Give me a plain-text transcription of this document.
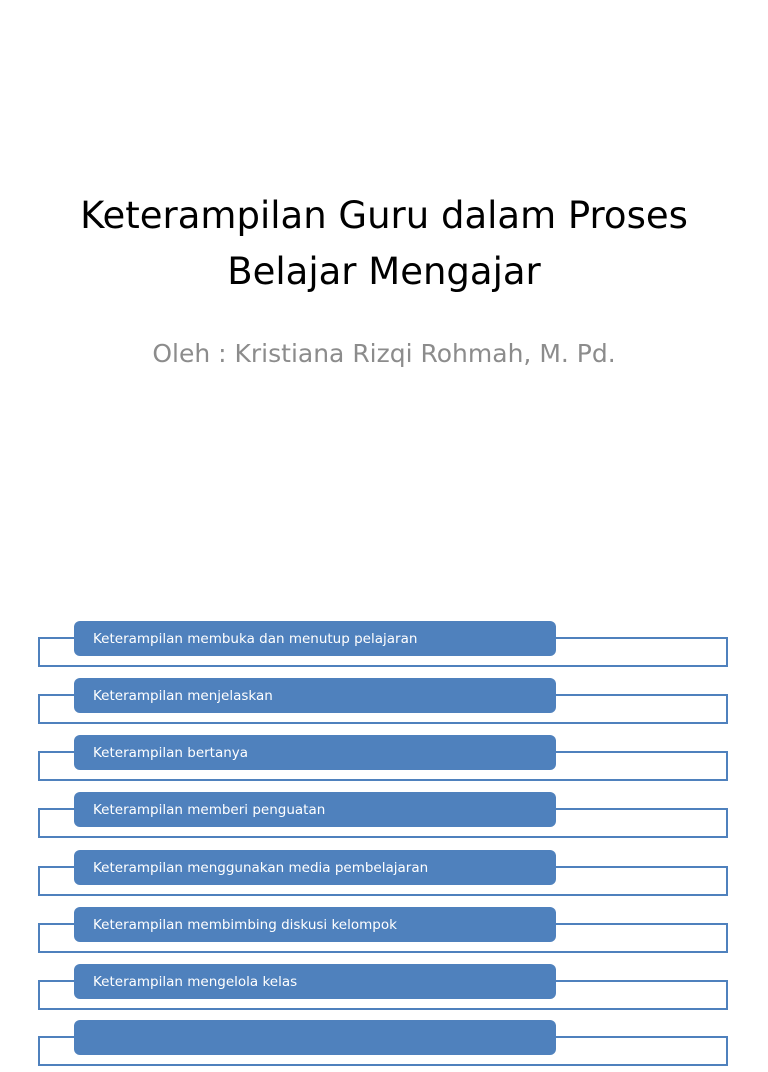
Keterampilan Guru dalam Proses
Belajar Mengajar

Oleh : Kristiana Rizqi Rohmah, M. Pd.

Keterampilan membuka dan menutup pelajaran
Keterampilan menjelaskan
Keterampilan bertanya
Keterampilan memberi penguatan
Keterampilan menggunakan media pembelajaran
Keterampilan membimbing diskusi kelompok
Keterampilan mengelola kelas
